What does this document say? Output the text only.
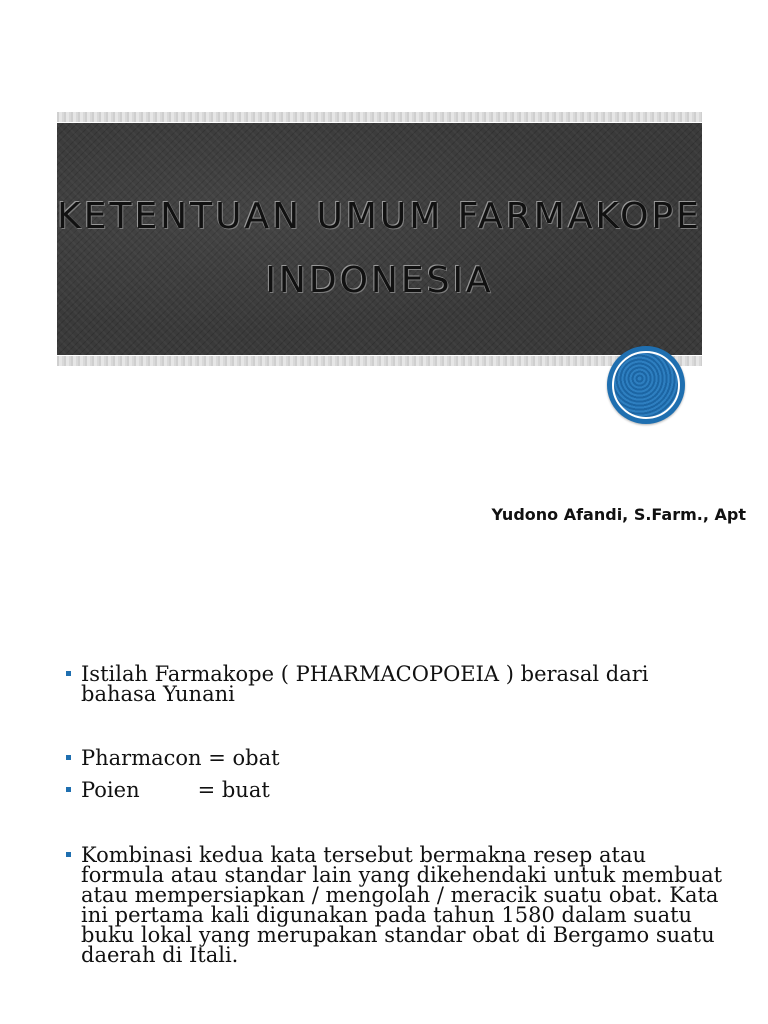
KETENTUAN UMUM FARMAKOPE
INDONESIA
Yudono Afandi, S.Farm., Apt
Istilah Farmakope ( PHARMACOPOEIA ) berasal dari bahasa Yunani
Pharmacon = obat
Poien	= buat
Kombinasi kedua kata tersebut bermakna resep atau formula atau standar lain yang dikehendaki untuk membuat atau mempersiapkan / mengolah / meracik suatu obat. Kata ini pertama kali digunakan pada tahun 1580 dalam suatu buku lokal yang merupakan standar obat di Bergamo suatu daerah di Itali.
